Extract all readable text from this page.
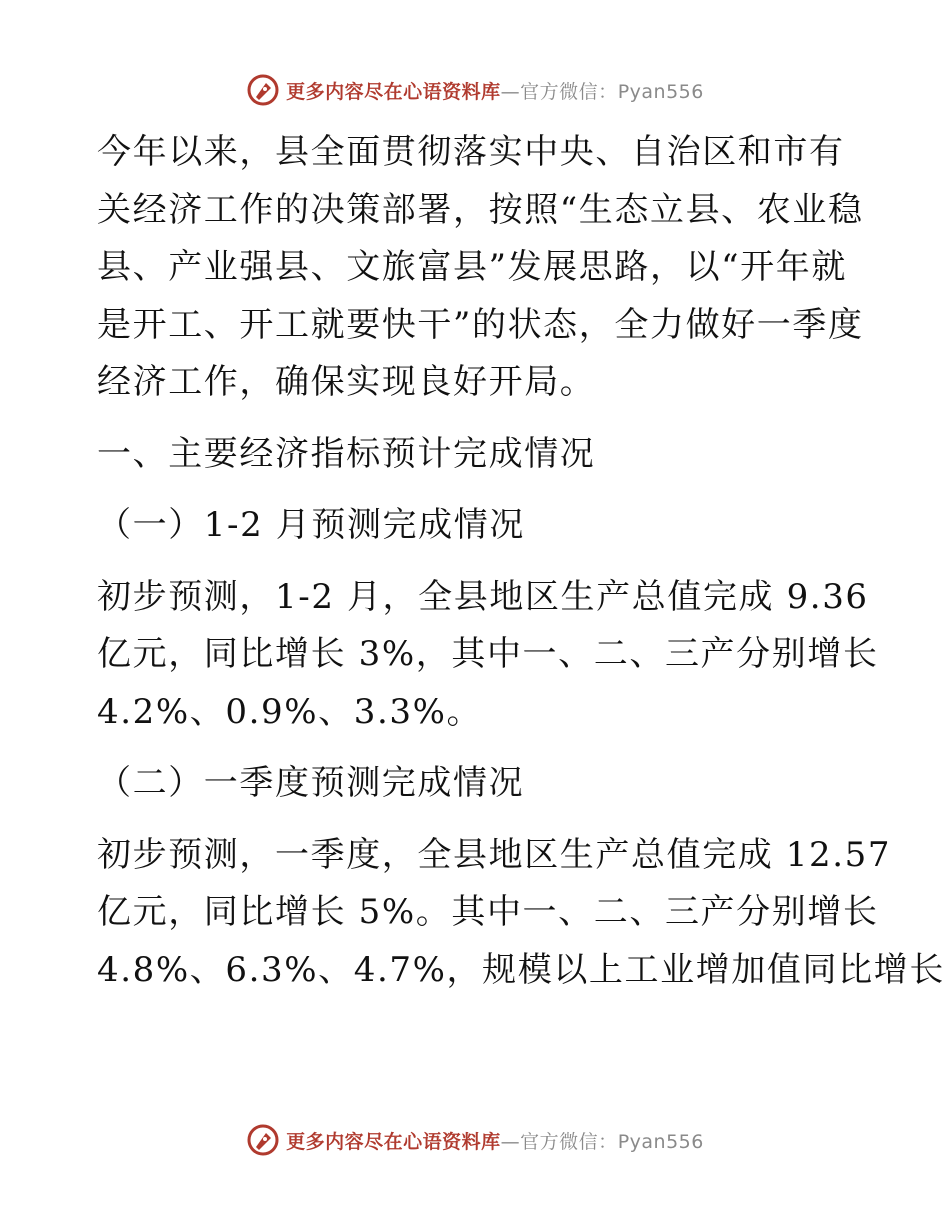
更多内容尽在心语资料库—官方微信：Pyan556
今年以来，县全面贯彻落实中央、自治区和市有
关经济工作的决策部署，按照“生态立县、农业稳
县、产业强县、文旅富县”发展思路，以“开年就
是开工、开工就要快干”的状态，全力做好一季度
经济工作，确保实现良好开局。
一、主要经济指标预计完成情况
（一）1-2 月预测完成情况
初步预测，1-2 月，全县地区生产总值完成 9.36
亿元，同比增长 3%，其中一、二、三产分别增长
4.2%、0.9%、3.3%。
（二）一季度预测完成情况
初步预测，一季度，全县地区生产总值完成 12.57
亿元，同比增长 5%。其中一、二、三产分别增长
4.8%、6.3%、4.7%，规模以上工业增加值同比增长
更多内容尽在心语资料库—官方微信：Pyan556
